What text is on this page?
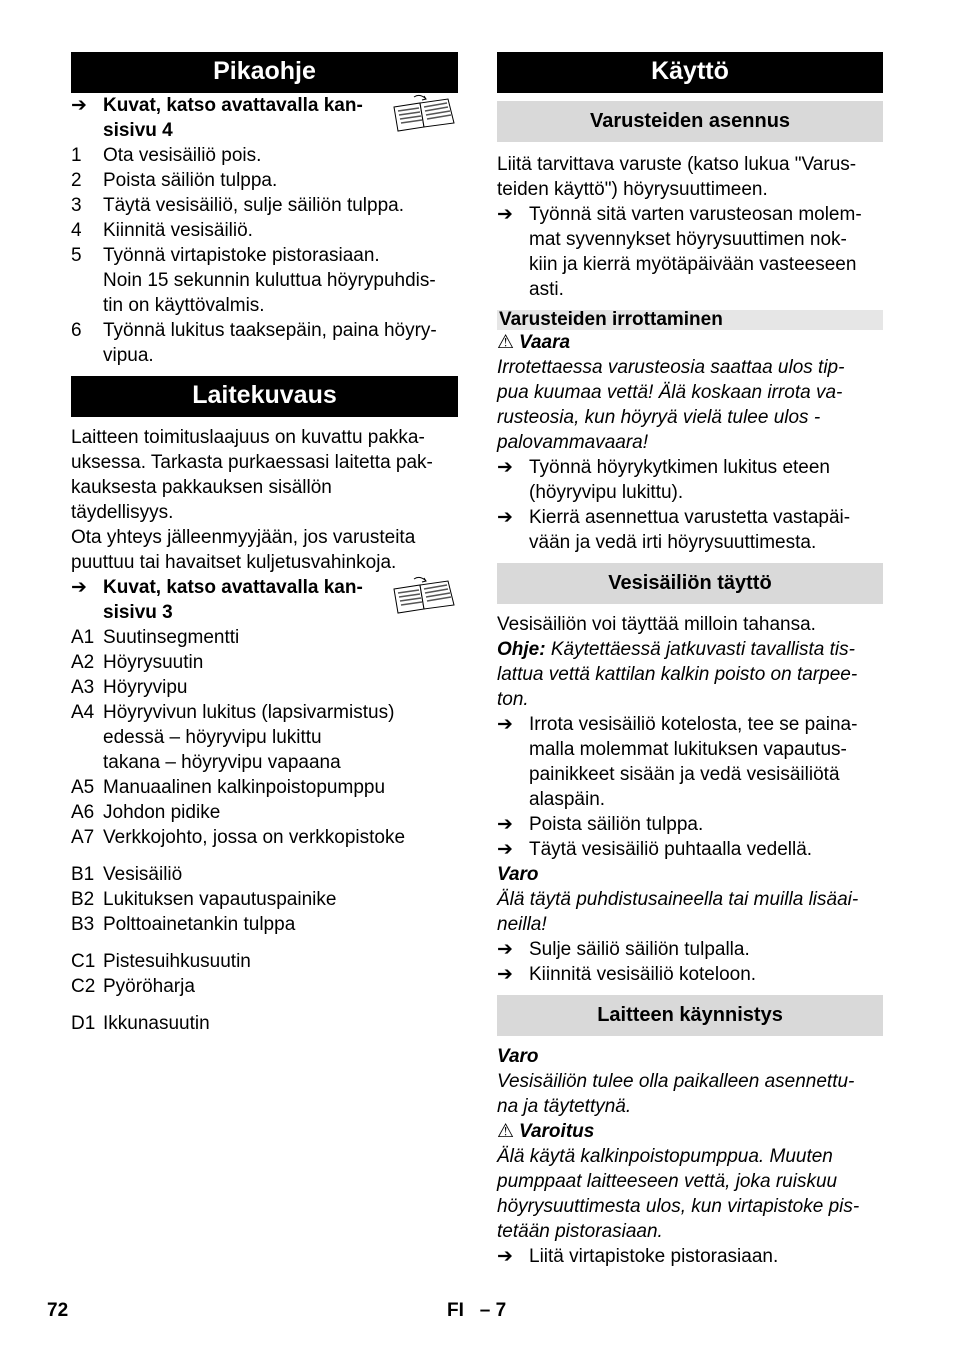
Pikaohje
➔ Kuvat, katso avattavalla kan-
sisivu 4
1	Ota vesisäiliö pois.
2	Poista säiliön tulppa.
3	Täytä vesisäiliö, sulje säiliön tulppa.
4	Kiinnitä vesisäiliö.
5	Työnnä virtapistoke pistorasiaan.
Noin 15 sekunnin kuluttua höyrypuhdis-
tin on käyttövalmis.
6	Työnnä lukitus taaksepäin, paina höyry-
vipua.
Laitekuvaus

Laitteen toimituslaajuus on kuvattu pakka-
uksessa. Tarkasta purkaessasi laitetta pak-
kauksesta pakkauksen sisällön
täydellisyys.

Ota yhteys jälleenmyyjään, jos varusteita
puuttuu tai havaitset kuljetusvahinkoja.

➔ Kuvat, katso avattavalla kan-
sisivu 3
A1 Suutinsegmentti
A2 Höyrysuutin
A3 Höyryvipu
A4 Höyryvivun lukitus (lapsivarmistus)
edessä – höyryvipu lukittu
takana – höyryvipu vapaana
A5 Manuaalinen kalkinpoistopumppu
A6 Johdon pidike
A7 Verkkojohto, jossa on verkkopistoke
B1 Vesisäiliö
B2 Lukituksen vapautuspainike
B3 Polttoainetankin tulppa
C1 Pistesuihkusuutin
C2 Pyöröharja
D1 Ikkunasuutin
Käyttö
Varusteiden asennus

Liitä tarvittava varuste (katso lukua "Varus-
teiden käyttö") höyrysuuttimeen.

➔ Työnnä sitä varten varusteosan molem-
mat syvennykset höyrysuuttimen nok-
kiin ja kierrä myötäpäivään vasteeseen
asti.
Varusteiden irrottaminen

⚠ Vaara

Irrotettaessa varusteosia saattaa ulos tip-
pua kuumaa vettä! Älä koskaan irrota va-
rusteosia, kun höyryä vielä tulee ulos -
palovammavaara!

➔ Työnnä höyrykytkimen lukitus eteen
(höyryvipu lukittu).
➔ Kierrä asennettua varustetta vastapäi-
vään ja vedä irti höyrysuuttimesta.
Vesisäiliön täyttö

Vesisäiliön voi täyttää milloin tahansa.

Ohje: Käytettäessä jatkuvasti tavallista tis-
lattua vettä kattilan kalkin poisto on tarpee-
ton.

➔ Irrota vesisäiliö kotelosta, tee se paina-
malla molemmat lukituksen vapautus-
painikkeet sisään ja vedä vesisäiliötä
alaspäin.
➔ Poista säiliön tulppa.
➔ Täytä vesisäiliö puhtaalla vedellä.

Varo

Älä täytä puhdistusaineella tai muilla lisäai-
neilla!

➔ Sulje säiliö säiliön tulpalla.
➔ Kiinnitä vesisäiliö koteloon.
Laitteen käynnistys

Varo

Vesisäiliön tulee olla paikalleen asennettu-
na ja täytettynä.

⚠ Varoitus

Älä käytä kalkinpoistopumppua. Muuten
pumppaat laitteeseen vettä, joka ruiskuu
höyrysuuttimesta ulos, kun virtapistoke pis-
tetään pistorasiaan.

➔ Liitä virtapistoke pistorasiaan.
72	FI   – 7
